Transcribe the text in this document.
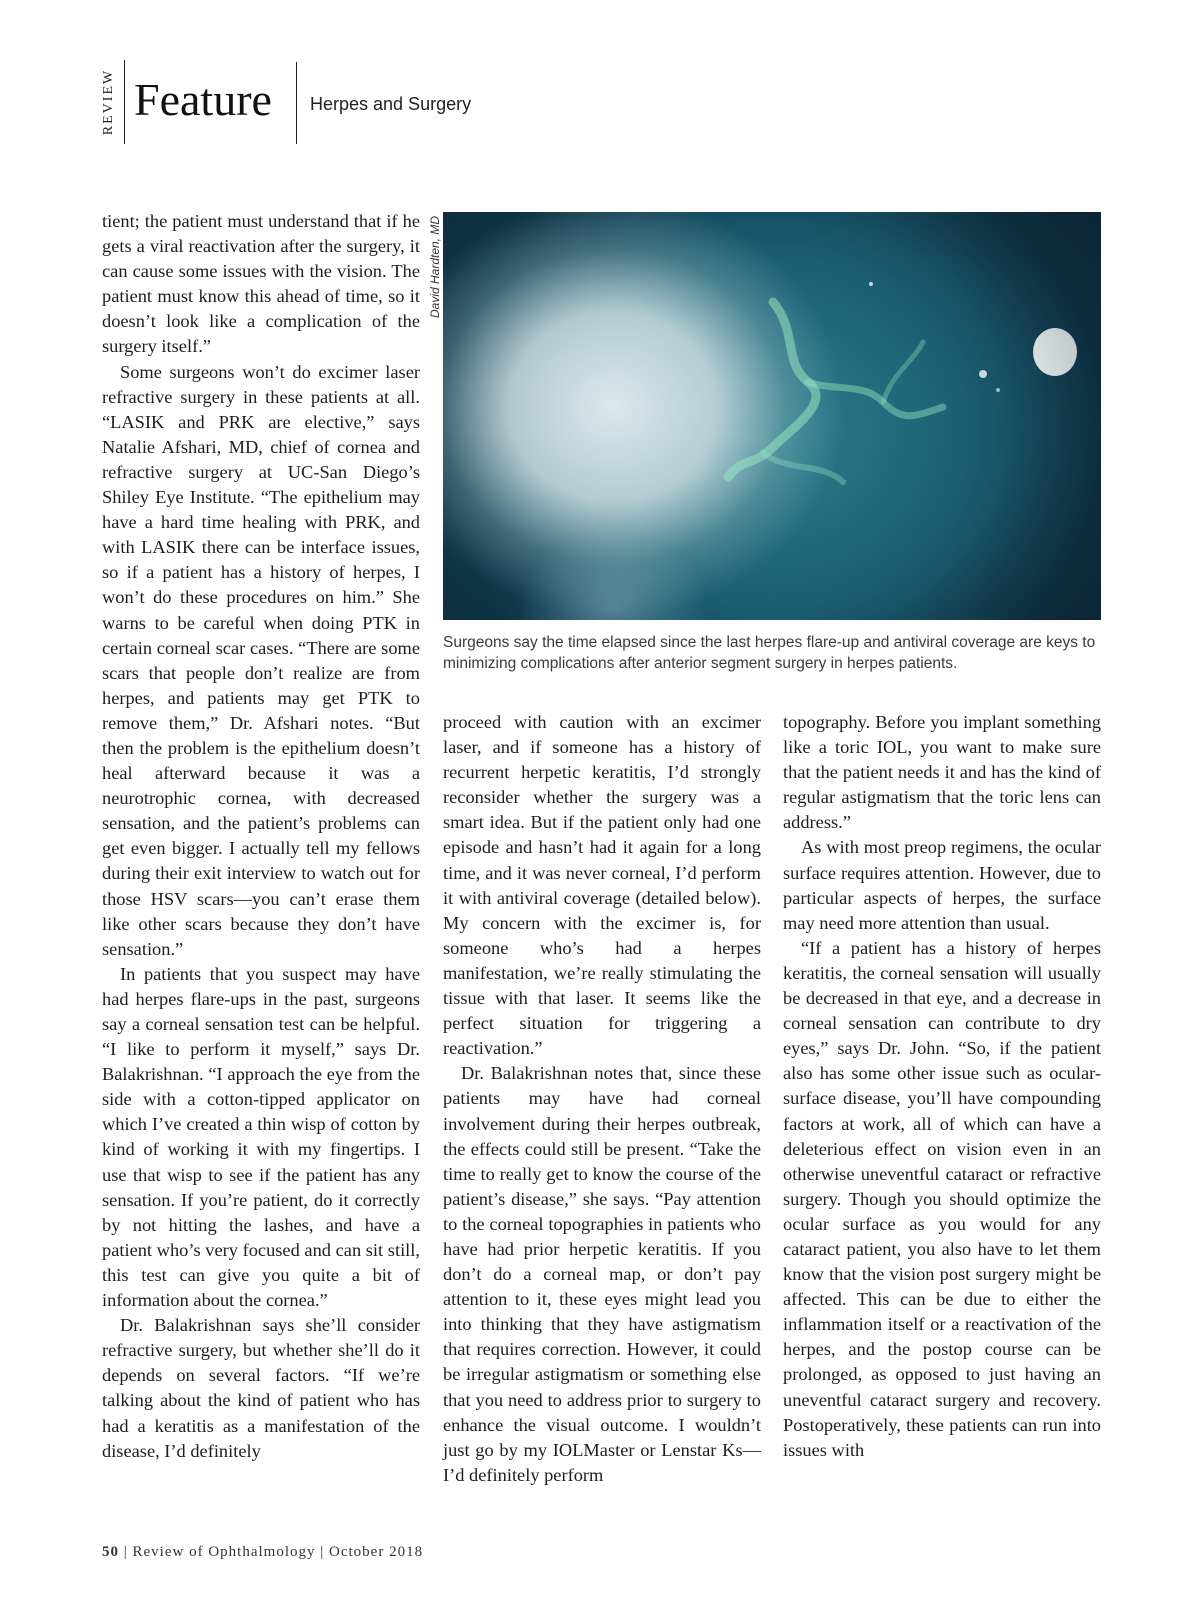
REVIEW Feature Herpes and Surgery

tient; the patient must understand that if he gets a viral reactivation after the surgery, it can cause some issues with the vision. The patient must know this ahead of time, so it doesn’t look like a complication of the surgery itself.”

Some surgeons won’t do excimer laser refractive surgery in these patients at all. “LASIK and PRK are elective,” says Natalie Afshari, MD, chief of cornea and refractive surgery at UC-San Diego’s Shiley Eye Institute. “The epithelium may have a hard time healing with PRK, and with LASIK there can be interface issues, so if a patient has a history of herpes, I won’t do these procedures on him.” She warns to be careful when doing PTK in certain corneal scar cases. “There are some scars that people don’t realize are from herpes, and patients may get PTK to remove them,” Dr. Afshari notes. “But then the problem is the epithelium doesn’t heal afterward because it was a neurotrophic cornea, with decreased sensation, and the patient’s problems can get even bigger. I actually tell my fellows during their exit interview to watch out for those HSV scars—you can’t erase them like other scars because they don’t have sensation.”

In patients that you suspect may have had herpes flare-ups in the past, surgeons say a corneal sensation test can be helpful. “I like to perform it myself,” says Dr. Balakrishnan. “I approach the eye from the side with a cotton-tipped applicator on which I’ve created a thin wisp of cotton by kind of working it with my fingertips. I use that wisp to see if the patient has any sensation. If you’re patient, do it correctly by not hitting the lashes, and have a patient who’s very focused and can sit still, this test can give you quite a bit of information about the cornea.”

Dr. Balakrishnan says she’ll consider refractive surgery, but whether she’ll do it depends on several factors. “If we’re talking about the kind of patient who has had a keratitis as a manifestation of the disease, I’d definitely

David Hardten, MD
Surgeons say the time elapsed since the last herpes flare-up and antiviral coverage are keys to minimizing complications after anterior segment surgery in herpes patients.

proceed with caution with an excimer laser, and if someone has a history of recurrent herpetic keratitis, I’d strongly reconsider whether the surgery was a smart idea. But if the patient only had one episode and hasn’t had it again for a long time, and it was never corneal, I’d perform it with antiviral coverage (detailed below). My concern with the excimer is, for someone who’s had a herpes manifestation, we’re really stimulating the tissue with that laser. It seems like the perfect situation for triggering a reactivation.”

Dr. Balakrishnan notes that, since these patients may have had corneal involvement during their herpes outbreak, the effects could still be present. “Take the time to really get to know the course of the patient’s disease,” she says. “Pay attention to the corneal topographies in patients who have had prior herpetic keratitis. If you don’t do a corneal map, or don’t pay attention to it, these eyes might lead you into thinking that they have astigmatism that requires correction. However, it could be irregular astigmatism or something else that you need to address prior to surgery to enhance the visual outcome. I wouldn’t just go by my IOLMaster or Lenstar Ks—I’d definitely perform

topography. Before you implant something like a toric IOL, you want to make sure that the patient needs it and has the kind of regular astigmatism that the toric lens can address.”

As with most preop regimens, the ocular surface requires attention. However, due to particular aspects of herpes, the surface may need more attention than usual.

“If a patient has a history of herpes keratitis, the corneal sensation will usually be decreased in that eye, and a decrease in corneal sensation can contribute to dry eyes,” says Dr. John. “So, if the patient also has some other issue such as ocular-surface disease, you’ll have compounding factors at work, all of which can have a deleterious effect on vision even in an otherwise uneventful cataract or refractive surgery. Though you should optimize the ocular surface as you would for any cataract patient, you also have to let them know that the vision post surgery might be affected. This can be due to either the inflammation itself or a reactivation of the herpes, and the postop course can be prolonged, as opposed to just having an uneventful cataract surgery and recovery. Postoperatively, these patients can run into issues with

50 | Review of Ophthalmology | October 2018
